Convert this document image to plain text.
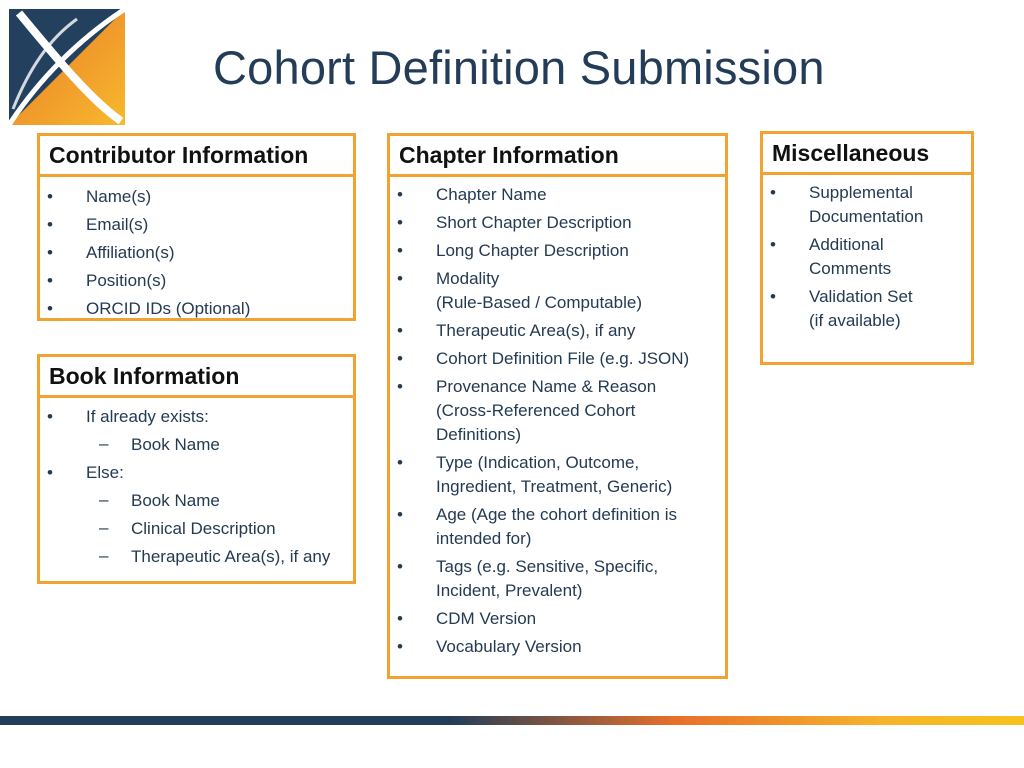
Cohort Definition Submission
Contributor Information
• Name(s)
• Email(s)
• Affiliation(s)
• Position(s)
• ORCID IDs (Optional)
Book Information
• If already exists:
– Book Name
• Else:
– Book Name
– Clinical Description
– Therapeutic Area(s), if any
Chapter Information
• Chapter Name
• Short Chapter Description
• Long Chapter Description
• Modality
(Rule-Based / Computable)
• Therapeutic Area(s), if any
• Cohort Definition File (e.g. JSON)
• Provenance Name & Reason
(Cross-Referenced Cohort
Definitions)
• Type (Indication, Outcome,
Ingredient, Treatment, Generic)
• Age (Age the cohort definition is
intended for)
• Tags (e.g. Sensitive, Specific,
Incident, Prevalent)
• CDM Version
• Vocabulary Version
Miscellaneous
• Supplemental
Documentation
• Additional
Comments
• Validation Set
(if available)
